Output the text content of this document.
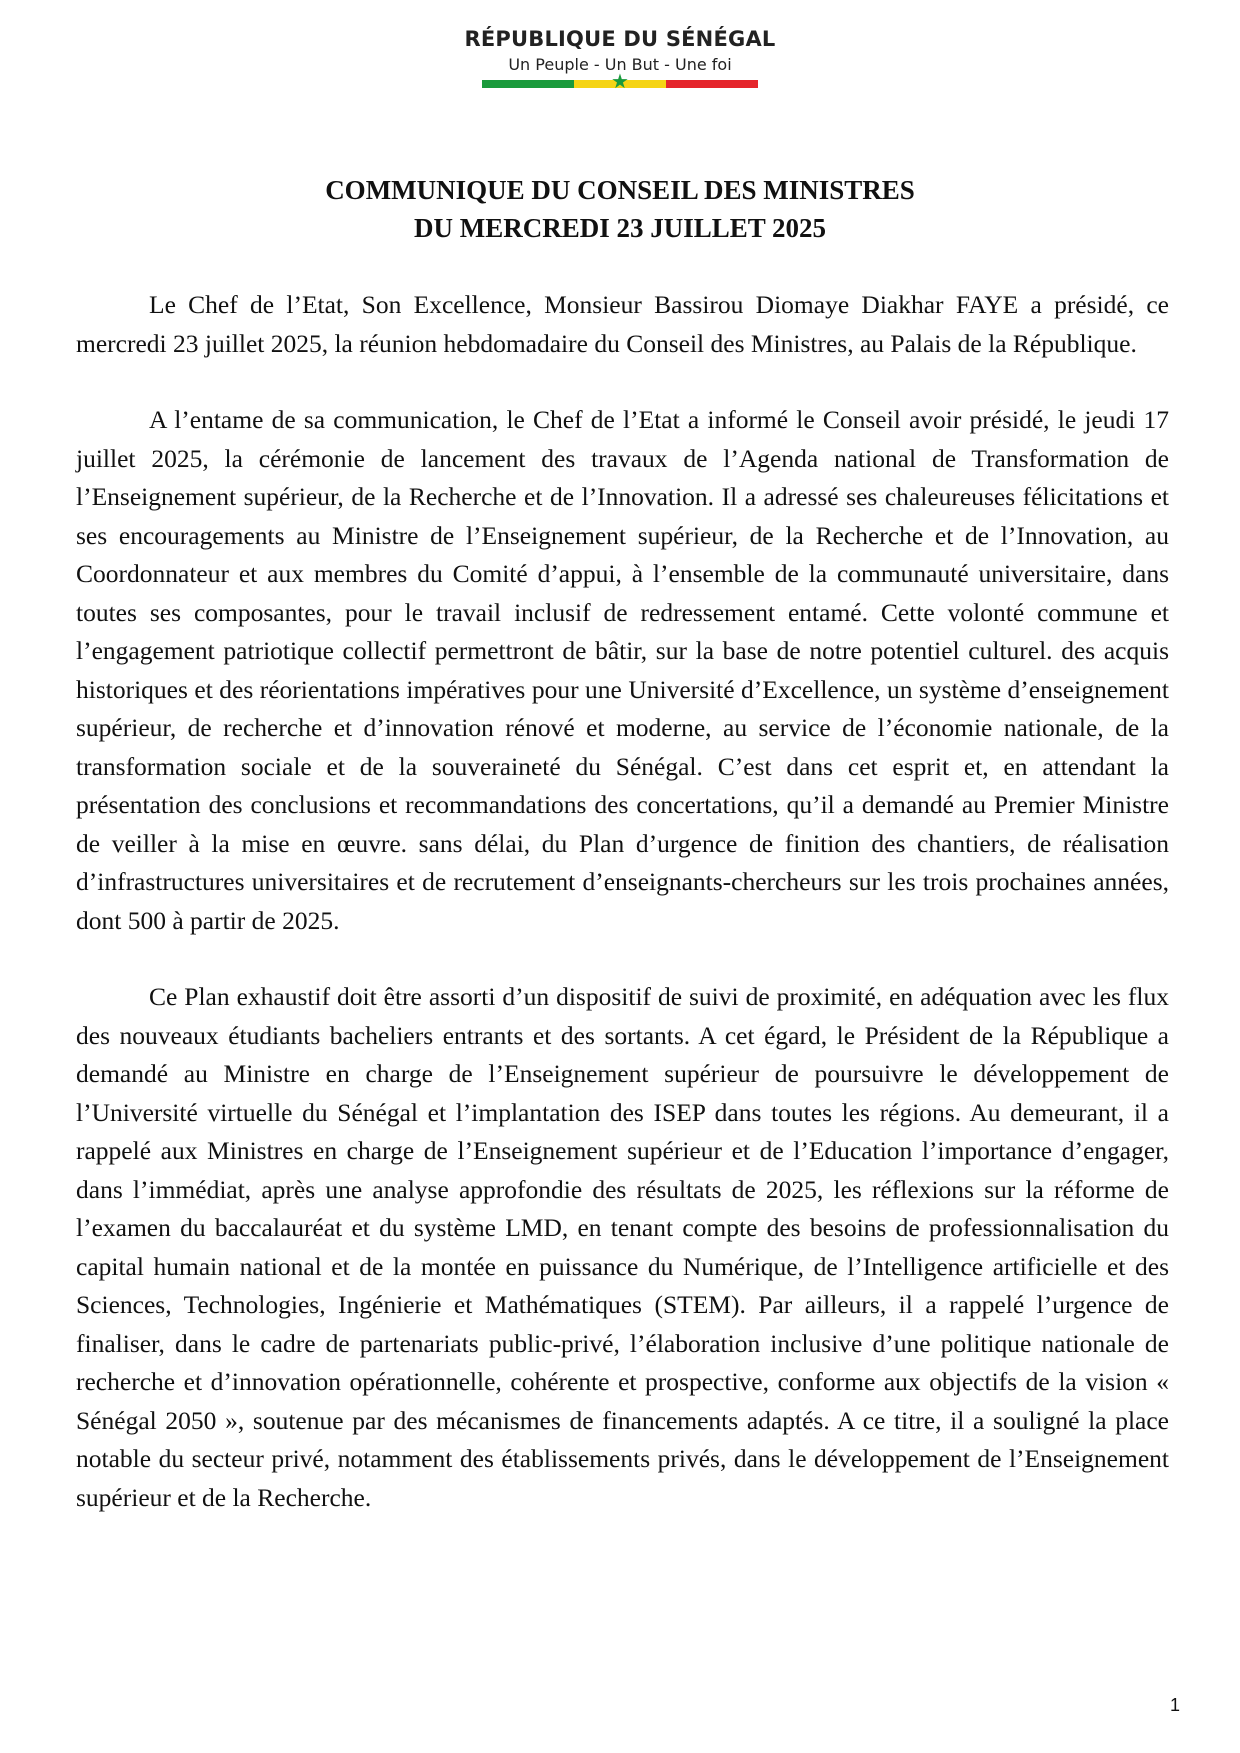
RÉPUBLIQUE DU SÉNÉGAL
Un Peuple - Un But - Une foi
★
COMMUNIQUE DU CONSEIL DES MINISTRES
DU MERCREDI 23 JUILLET 2025

Le Chef de l’Etat, Son Excellence, Monsieur Bassirou Diomaye Diakhar FAYE a présidé, ce mercredi 23 juillet 2025, la réunion hebdomadaire du Conseil des Ministres, au Palais de la République.

A l’entame de sa communication, le Chef de l’Etat a informé le Conseil avoir présidé, le jeudi 17 juillet 2025, la cérémonie de lancement des travaux de l’Agenda national de Transformation de l’Enseignement supérieur, de la Recherche et de l’Innovation. Il a adressé ses chaleureuses félicitations et ses encouragements au Ministre de l’Enseignement supérieur, de la Recherche et de l’Innovation, au Coordonnateur et aux membres du Comité d’appui, à l’ensemble de la communauté universitaire, dans toutes ses composantes, pour le travail inclusif de redressement entamé. Cette volonté commune et l’engagement patriotique collectif permettront de bâtir, sur la base de notre potentiel culturel. des acquis historiques et des réorientations impératives pour une Université d’Excellence, un système d’enseignement supérieur, de recherche et d’innovation rénové et moderne, au service de l’économie nationale, de la transformation sociale et de la souveraineté du Sénégal. C’est dans cet esprit et, en attendant la présentation des conclusions et recommandations des concertations, qu’il a demandé au Premier Ministre de veiller à la mise en œuvre. sans délai, du Plan d’urgence de finition des chantiers, de réalisation d’infrastructures universitaires et de recrutement d’enseignants-chercheurs sur les trois prochaines années, dont 500 à partir de 2025.

Ce Plan exhaustif doit être assorti d’un dispositif de suivi de proximité, en adéquation avec les flux des nouveaux étudiants bacheliers entrants et des sortants. A cet égard, le Président de la République a demandé au Ministre en charge de l’Enseignement supérieur de poursuivre le développement de l’Université virtuelle du Sénégal et l’implantation des ISEP dans toutes les régions. Au demeurant, il a rappelé aux Ministres en charge de l’Enseignement supérieur et de l’Education l’importance d’engager, dans l’immédiat, après une analyse approfondie des résultats de 2025, les réflexions sur la réforme de l’examen du baccalauréat et du système LMD, en tenant compte des besoins de professionnalisation du capital humain national et de la montée en puissance du Numérique, de l’Intelligence artificielle et des Sciences, Technologies, Ingénierie et Mathématiques (STEM). Par ailleurs, il a rappelé l’urgence de finaliser, dans le cadre de partenariats public-privé, l’élaboration inclusive d’une politique nationale de recherche et d’innovation opérationnelle, cohérente et prospective, conforme aux objectifs de la vision « Sénégal 2050 », soutenue par des mécanismes de financements adaptés. A ce titre, il a souligné la place notable du secteur privé, notamment des établissements privés, dans le développement de l’Enseignement supérieur et de la Recherche.

1
